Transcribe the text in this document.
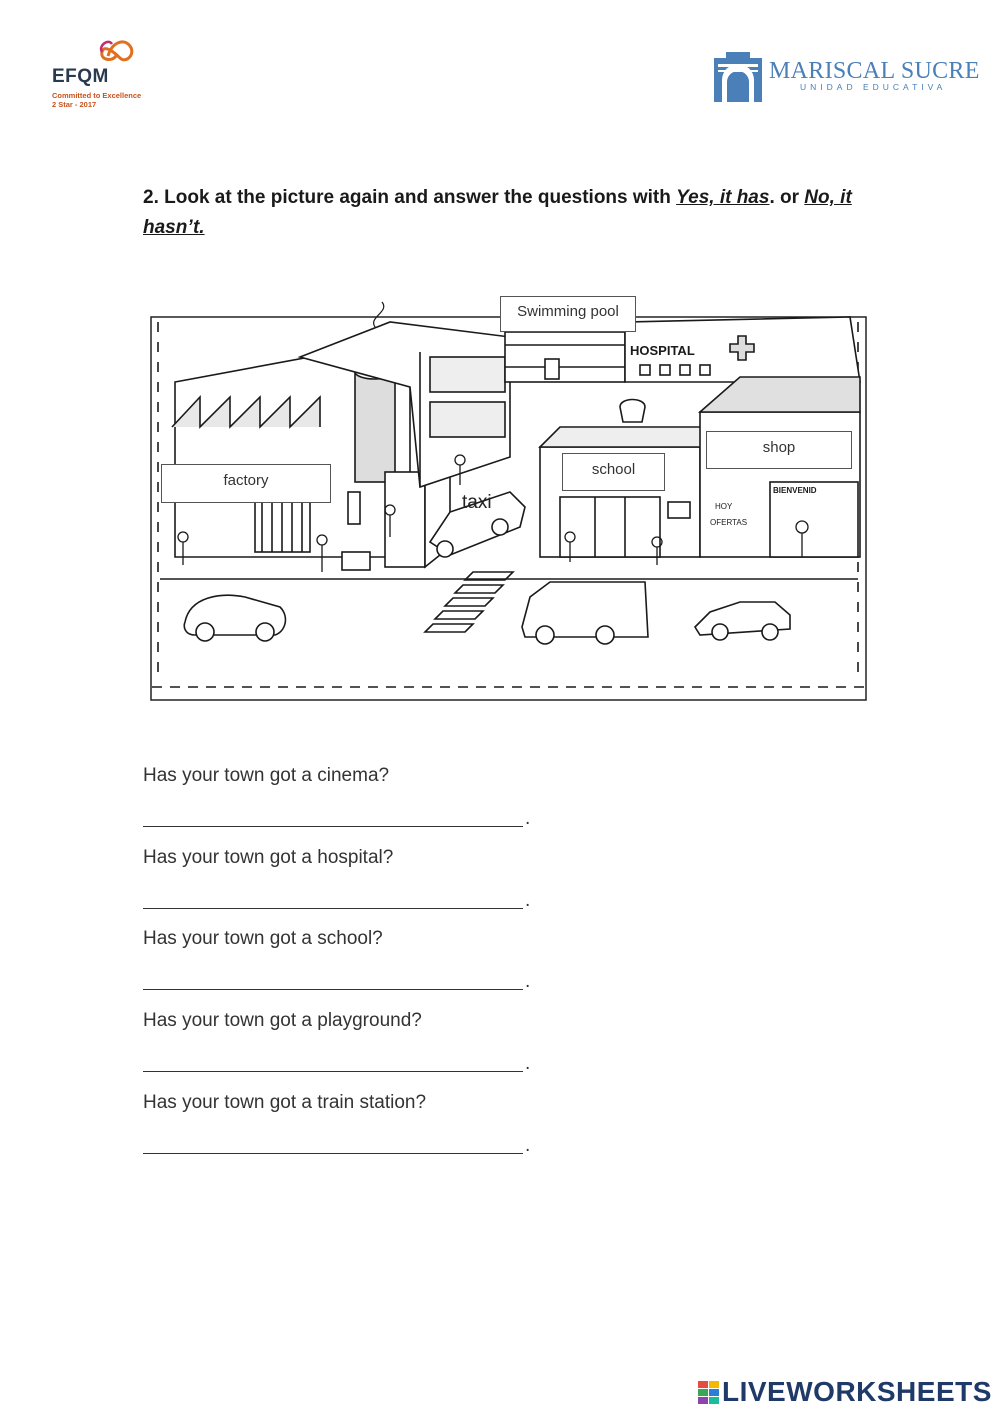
EFQM
Committed to Excellence
2 Star - 2017
MARISCAL SUCRE
UNIDAD EDUCATIVA
2. Look at the picture again and answer the questions with Yes, it has. or No, it hasn’t.
HOSPITAL
BIENVENID
HOY
OFERTAS
Swimming pool
factory
school
shop
taxi
Has your town got a cinema?
.
Has your town got a hospital?
.
Has your town got a school?
.
Has your town got a playground?
.
Has your town got a train station?
.
LIVEWORKSHEETS
